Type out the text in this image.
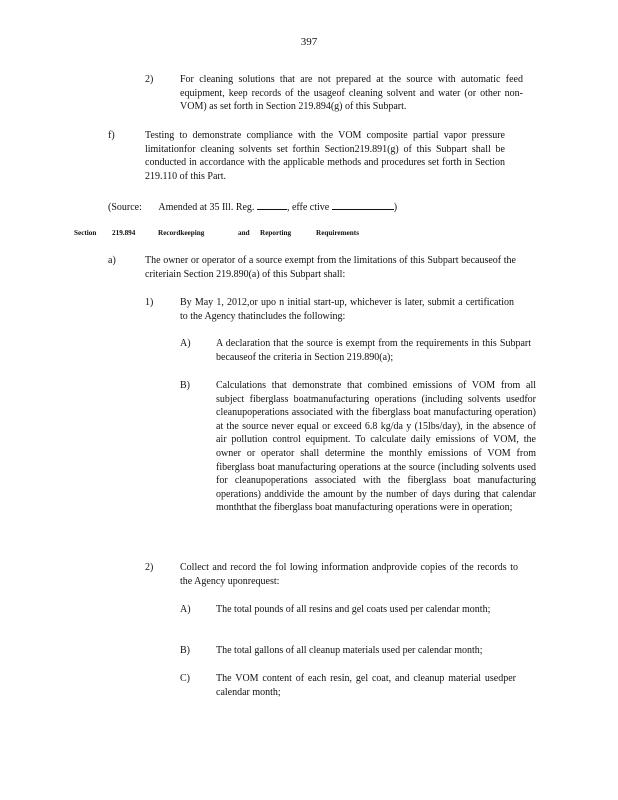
397
2)	For cleaning solutions that are not prepared at the source with automatic feed equipment, keep records of the usageof cleaning solvent and water (or other non-VOM) as set forth in Section 219.894(g) of this Subpart.
f)	Testing to demonstrate compliance with the VOM composite partial vapor pressure limitationfor cleaning solvents set forthin Section219.891(g) of this Subpart shall be conducted in accordance with the applicable methods and procedures set forth in Section 219.110 of this Part.
(Source: Amended at 35 Ill. Reg.	, effe ctive	)
Section 219.894	Recordkeeping	and Reporting	Requirements
a)	The owner or operator of a source exempt from the limitations of this Subpart becauseof the criteriain Section 219.890(a) of this Subpart shall:
1)	By May 1, 2012,or upo n initial start-up, whichever is later, submit a certification to the Agency thatincludes the following:
A)	A declaration that the source is exempt from the requirements in this Subpart becauseof the criteria in Section 219.890(a);
B)	Calculations that demonstrate that combined emissions of VOM from all subject fiberglass boatmanufacturing operations (including solvents usedfor cleanupoperations associated with the fiberglass boat manufacturing operation) at the source never equal or exceed 6.8 kg/da y (15lbs/day), in the absence of air pollution control equipment. To calculate daily emissions of VOM, the owner or operator shall determine the monthly emissions of VOM from fiberglass boat manufacturing operations at the source (including solvents used for cleanupoperations associated with the fiberglass boat manufacturing operations) anddivide the amount by the number of days during that calendar monththat the fiberglass boat manufacturing operations were in operation;
2)	Collect and record the fol lowing information andprovide copies of the records to the Agency uponrequest:
A)	The total pounds of all resins and gel coats used per calendar month;
B)	The total gallons of all cleanup materials used per calendar month;
C)	The VOM content of each resin, gel coat, and cleanup material usedper calendar month;
